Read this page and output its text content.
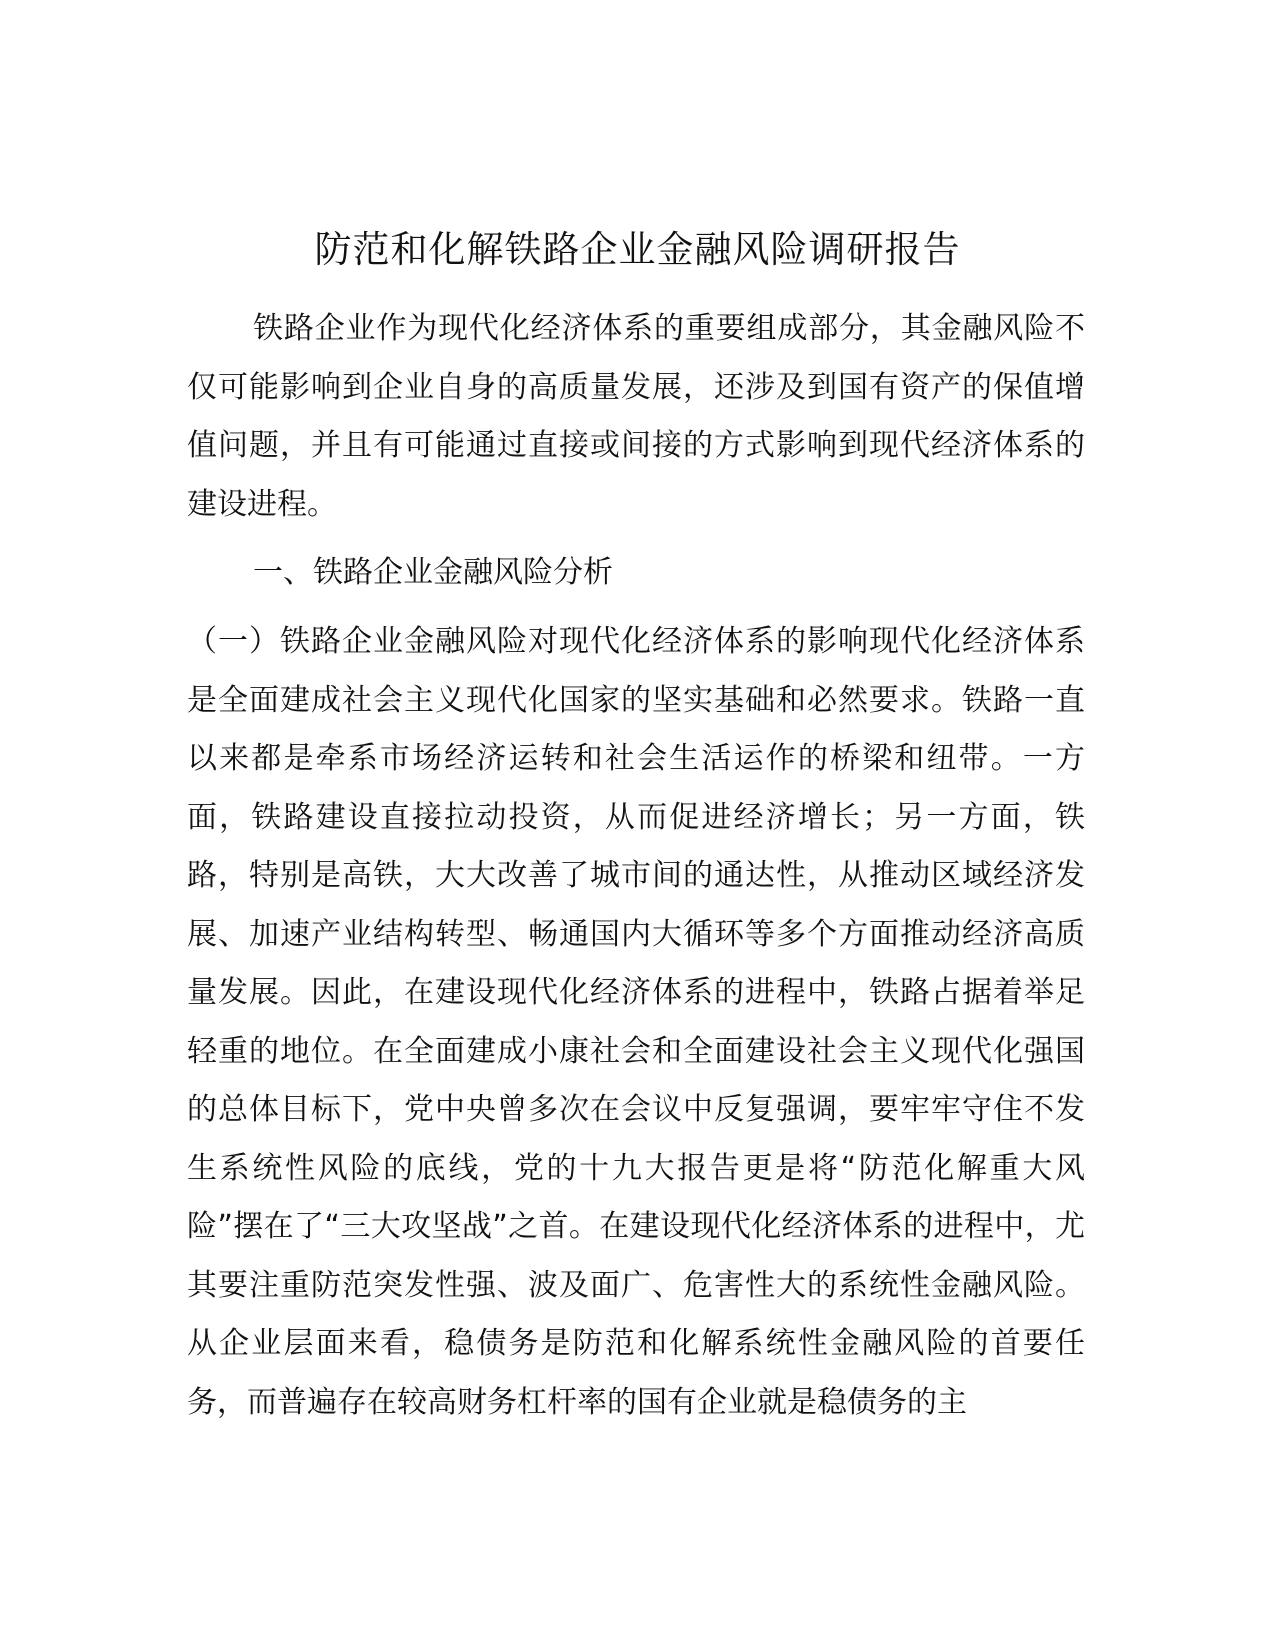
防范和化解铁路企业金融风险调研报告

铁路企业作为现代化经济体系的重要组成部分，其金融风险不仅可能影响到企业自身的高质量发展，还涉及到国有资产的保值增值问题，并且有可能通过直接或间接的方式影响到现代经济体系的建设进程。

一、铁路企业金融风险分析

（一）铁路企业金融风险对现代化经济体系的影响现代化经济体系是全面建成社会主义现代化国家的坚实基础和必然要求。铁路一直以来都是牵系市场经济运转和社会生活运作的桥梁和纽带。一方面，铁路建设直接拉动投资，从而促进经济增长；另一方面，铁路，特别是高铁，大大改善了城市间的通达性，从推动区域经济发展、加速产业结构转型、畅通国内大循环等多个方面推动经济高质量发展。因此，在建设现代化经济体系的进程中，铁路占据着举足轻重的地位。在全面建成小康社会和全面建设社会主义现代化强国的总体目标下，党中央曾多次在会议中反复强调，要牢牢守住不发生系统性风险的底线，党的十九大报告更是将“防范化解重大风险”摆在了“三大攻坚战”之首。在建设现代化经济体系的进程中，尤其要注重防范突发性强、波及面广、危害性大的系统性金融风险。从企业层面来看，稳债务是防范和化解系统性金融风险的首要任务，而普遍存在较高财务杠杆率的国有企业就是稳债务的主
